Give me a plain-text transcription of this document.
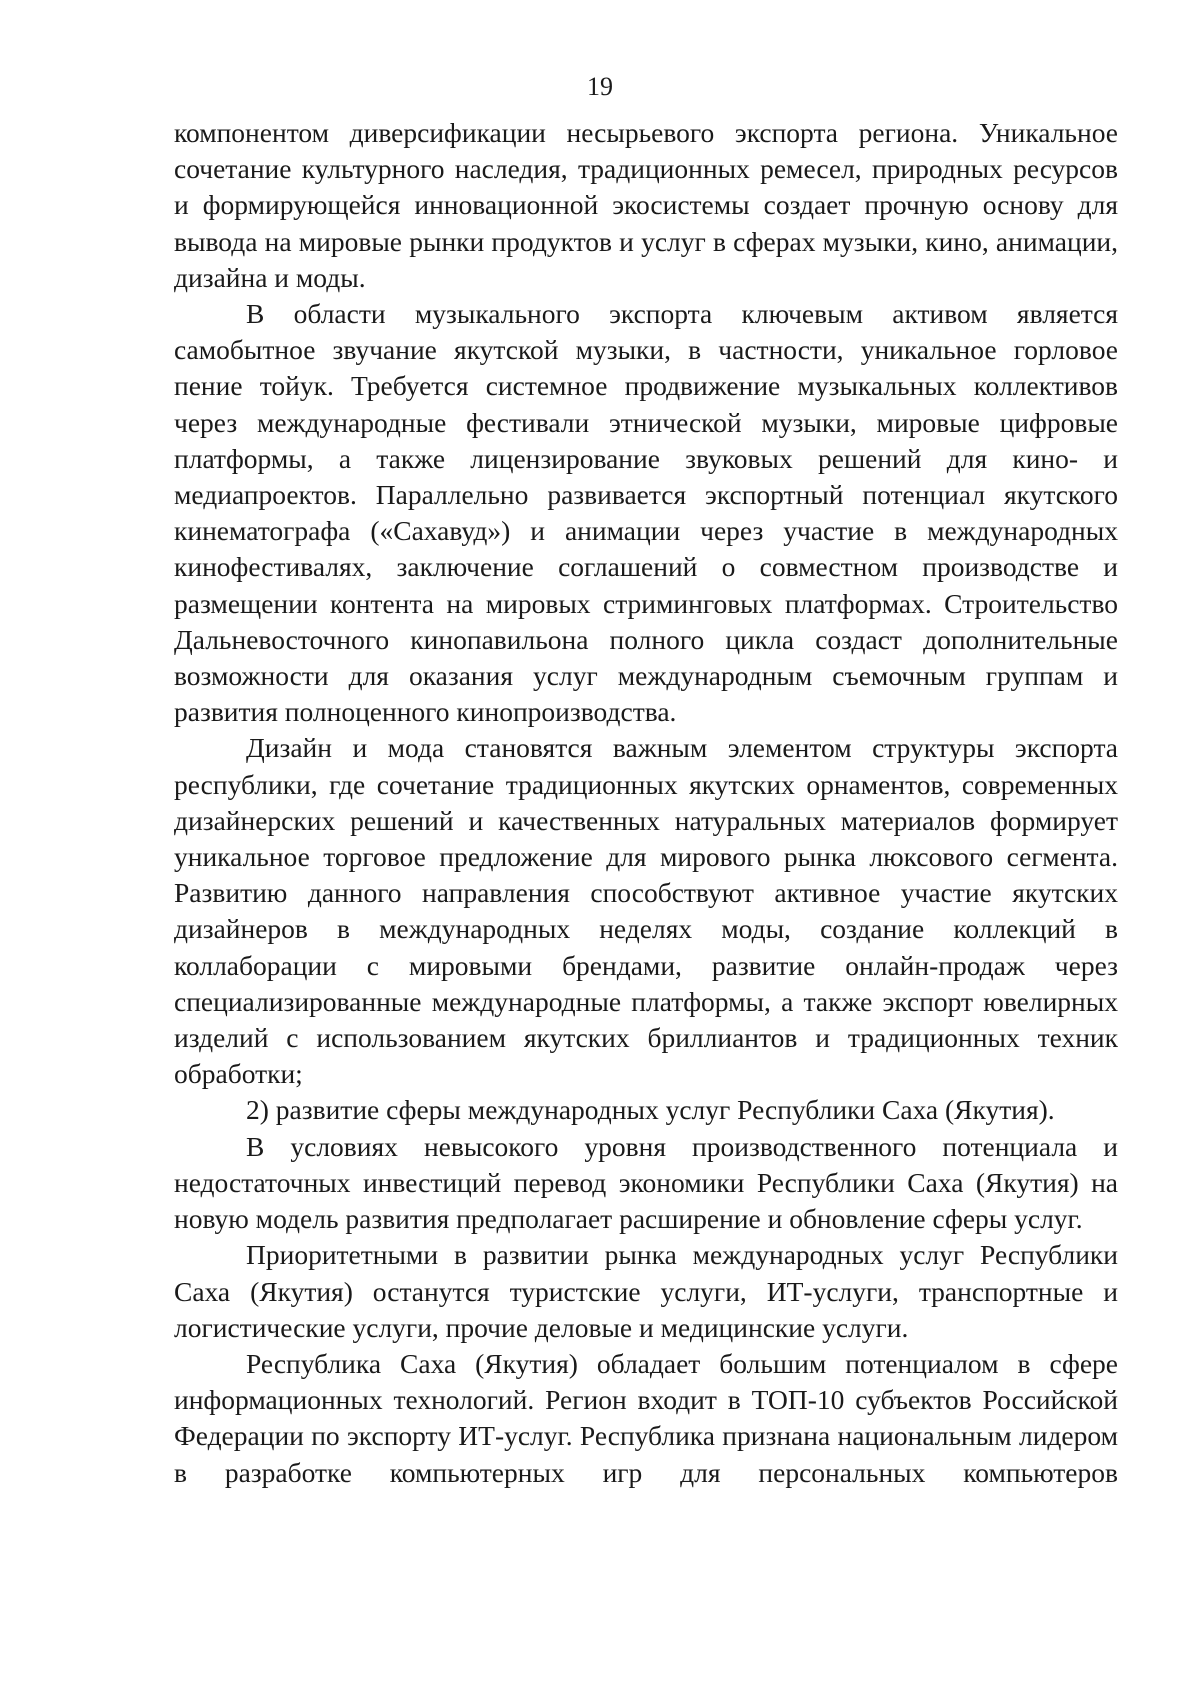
19

компонентом диверсификации несырьевого экспорта региона. Уникальное сочетание культурного наследия, традиционных ремесел, природных ресурсов и формирующейся инновационной экосистемы создает прочную основу для вывода на мировые рынки продуктов и услуг в сферах музыки, кино, анимации, дизайна и моды.

В области музыкального экспорта ключевым активом является самобытное звучание якутской музыки, в частности, уникальное горловое пение тойук. Требуется системное продвижение музыкальных коллективов через международные фестивали этнической музыки, мировые цифровые платформы, а также лицензирование звуковых решений для кино- и медиапроектов. Параллельно развивается экспортный потенциал якутского кинематографа («Сахавуд») и анимации через участие в международных кинофестивалях, заключение соглашений о совместном производстве и размещении контента на мировых стриминговых платформах. Строительство Дальневосточного кинопавильона полного цикла создаст дополнительные возможности для оказания услуг международным съемочным группам и развития полноценного кинопроизводства.

Дизайн и мода становятся важным элементом структуры экспорта республики, где сочетание традиционных якутских орнаментов, современных дизайнерских решений и качественных натуральных материалов формирует уникальное торговое предложение для мирового рынка люксового сегмента. Развитию данного направления способствуют активное участие якутских дизайнеров в международных неделях моды, создание коллекций в коллаборации с мировыми брендами, развитие онлайн-продаж через специализированные международные платформы, а также экспорт ювелирных изделий с использованием якутских бриллиантов и традиционных техник обработки;

2) развитие сферы международных услуг Республики Саха (Якутия).

В условиях невысокого уровня производственного потенциала и недостаточных инвестиций перевод экономики Республики Саха (Якутия) на новую модель развития предполагает расширение и обновление сферы услуг.

Приоритетными в развитии рынка международных услуг Республики Саха (Якутия) останутся туристские услуги, ИТ-услуги, транспортные и логистические услуги, прочие деловые и медицинские услуги.

Республика Саха (Якутия) обладает большим потенциалом в сфере информационных технологий. Регион входит в ТОП-10 субъектов Российской Федерации по экспорту ИТ-услуг. Республика признана национальным лидером в разработке компьютерных игр для персональных компьютеров
